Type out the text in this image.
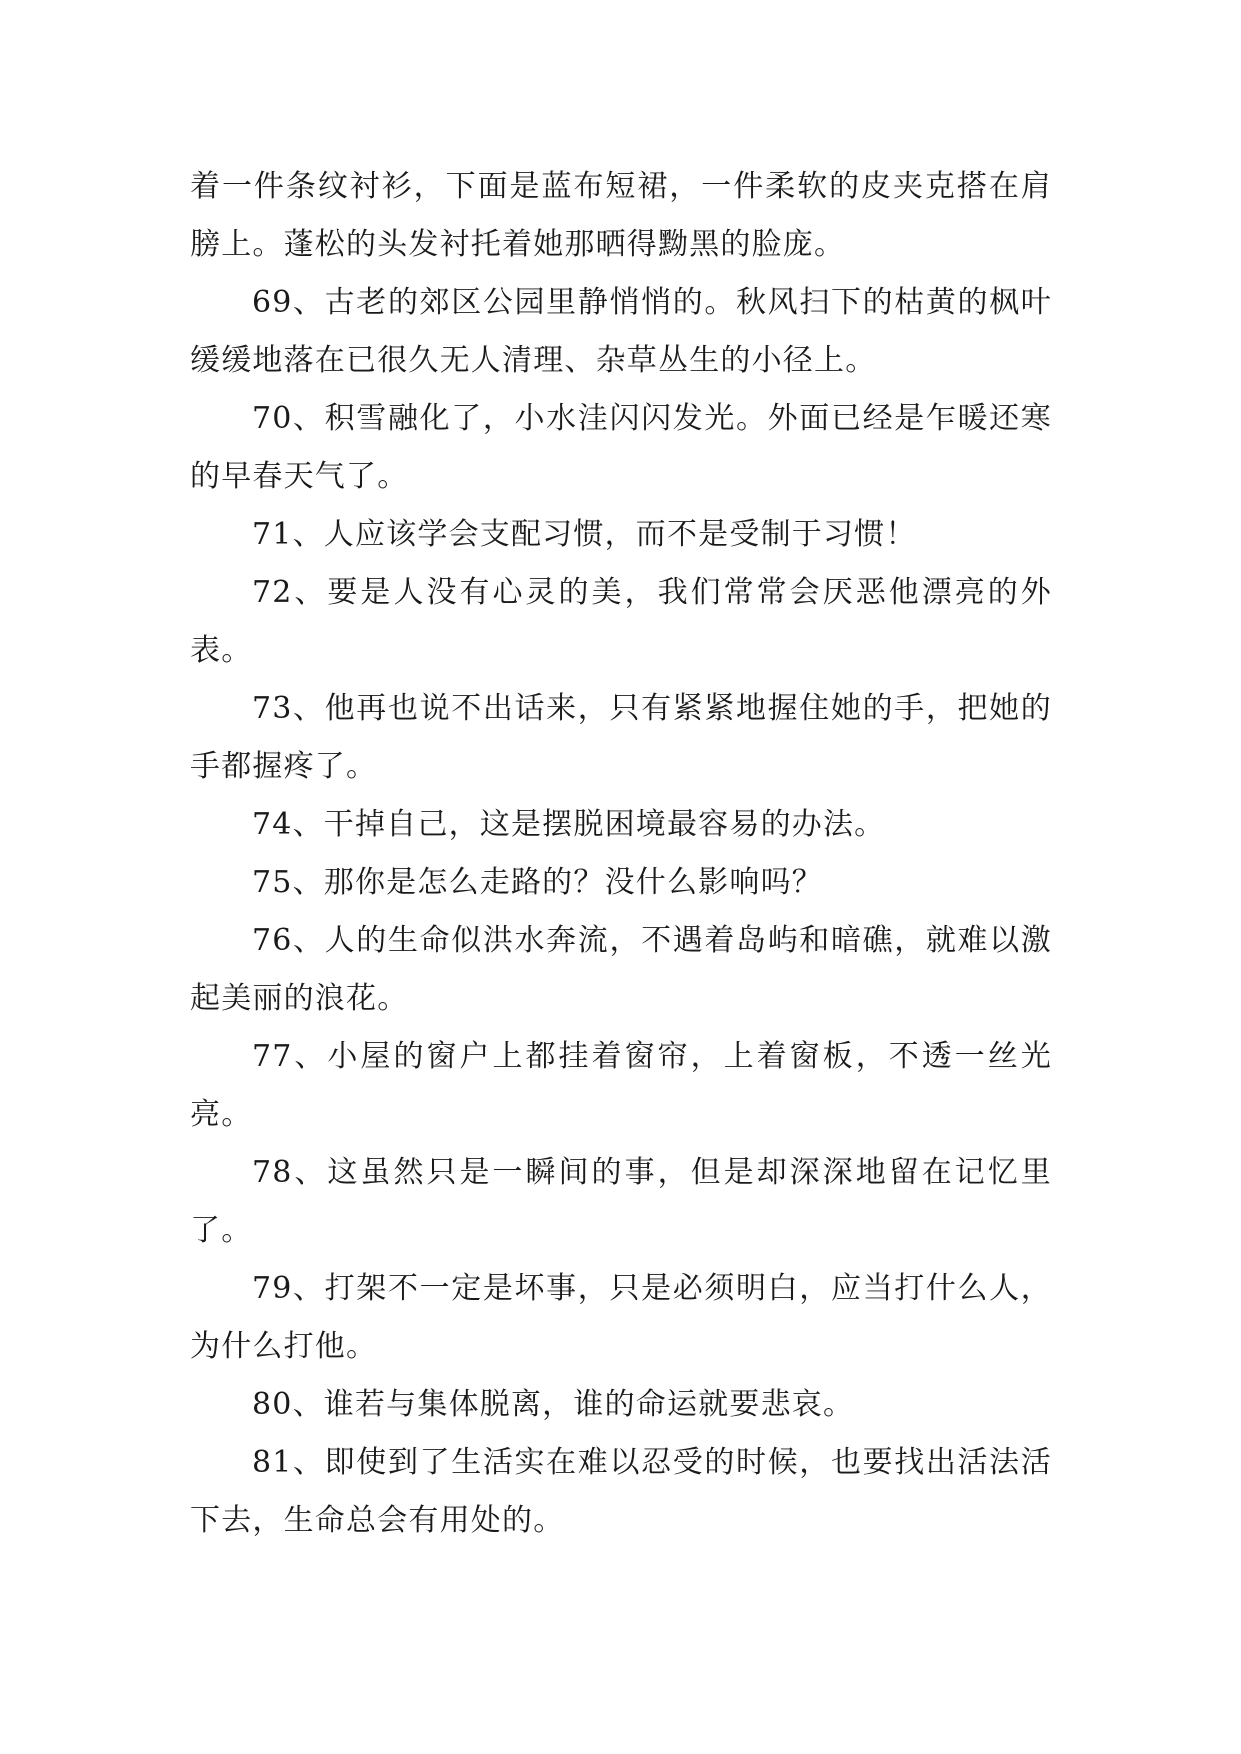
着一件条纹衬衫，下面是蓝布短裙，一件柔软的皮夹克搭在肩膀上。蓬松的头发衬托着她那晒得黝黑的脸庞。

69、古老的郊区公园里静悄悄的。秋风扫下的枯黄的枫叶缓缓地落在已很久无人清理、杂草丛生的小径上。

70、积雪融化了，小水洼闪闪发光。外面已经是乍暖还寒的早春天气了。

71、人应该学会支配习惯，而不是受制于习惯！

72、要是人没有心灵的美，我们常常会厌恶他漂亮的外表。

73、他再也说不出话来，只有紧紧地握住她的手，把她的手都握疼了。

74、干掉自己，这是摆脱困境最容易的办法。

75、那你是怎么走路的？没什么影响吗？

76、人的生命似洪水奔流，不遇着岛屿和暗礁，就难以激起美丽的浪花。

77、小屋的窗户上都挂着窗帘，上着窗板，不透一丝光亮。

78、这虽然只是一瞬间的事，但是却深深地留在记忆里了。

79、打架不一定是坏事，只是必须明白，应当打什么人，为什么打他。

80、谁若与集体脱离，谁的命运就要悲哀。

81、即使到了生活实在难以忍受的时候，也要找出活法活下去，生命总会有用处的。
